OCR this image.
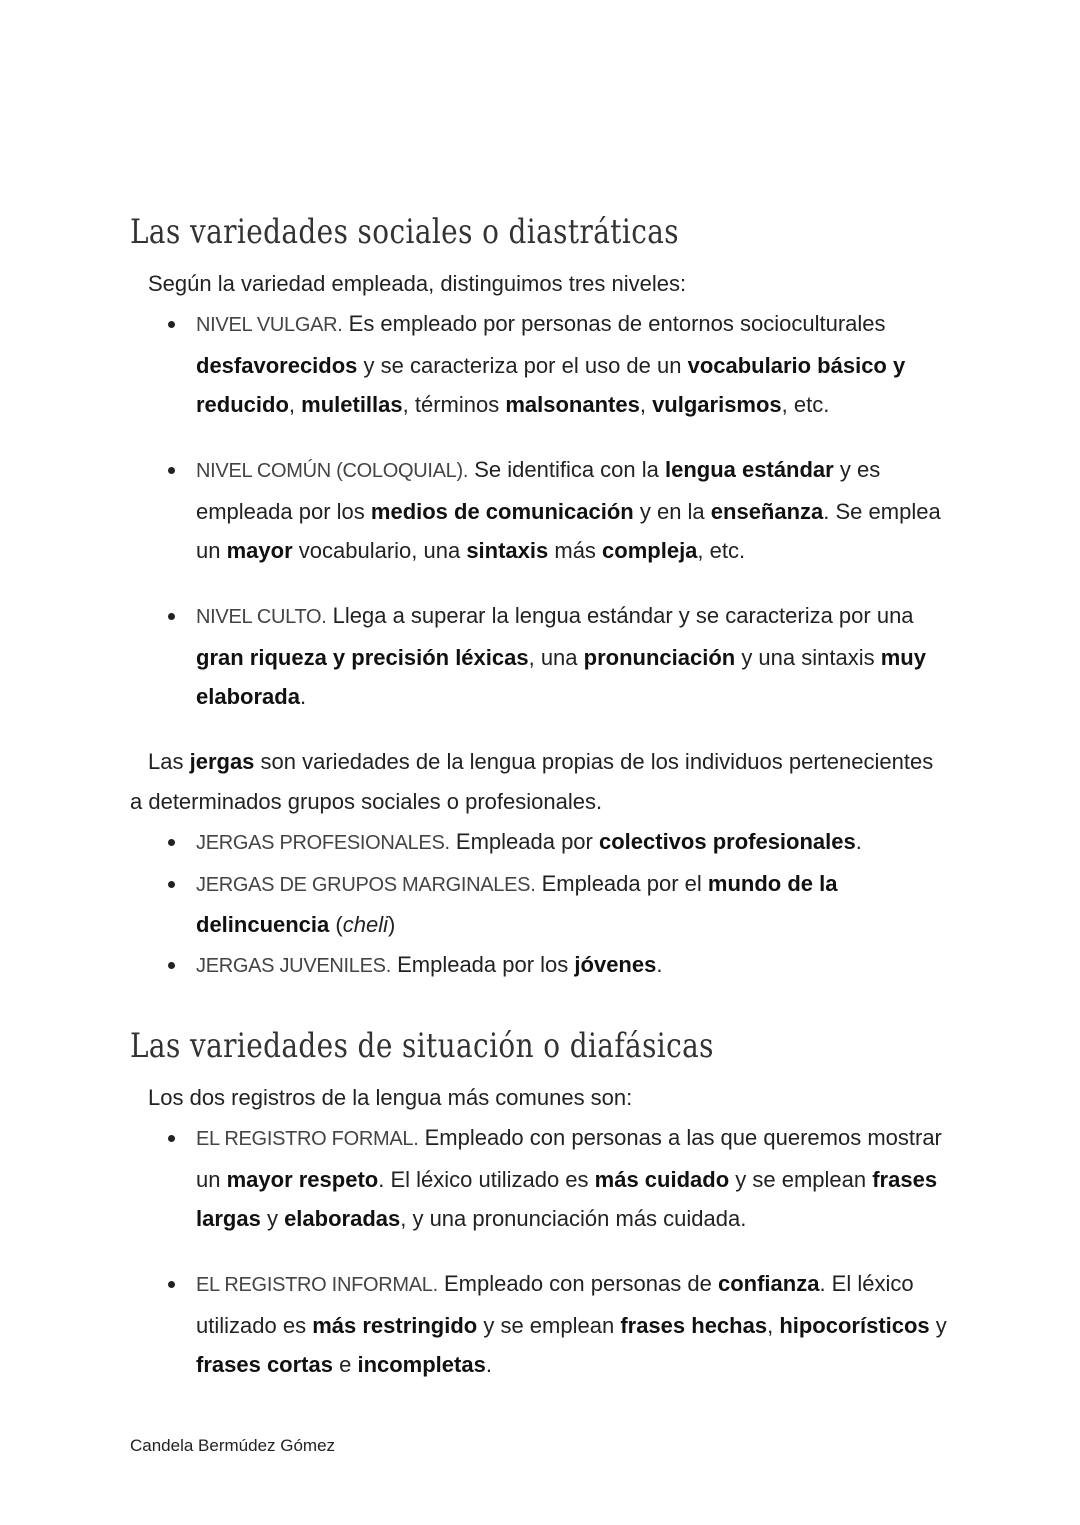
Las variedades sociales o diastráticas

Según la variedad empleada, distinguimos tres niveles:

NIVEL VULGAR. Es empleado por personas de entornos socioculturales desfavorecidos y se caracteriza por el uso de un vocabulario básico y reducido, muletillas, términos malsonantes, vulgarismos, etc.
NIVEL COMÚN (COLOQUIAL). Se identifica con la lengua estándar y es empleada por los medios de comunicación y en la enseñanza. Se emplea un mayor vocabulario, una sintaxis más compleja, etc.
NIVEL CULTO. Llega a superar la lengua estándar y se caracteriza por una gran riqueza y precisión léxicas, una pronunciación y una sintaxis muy elaborada.

Las jergas son variedades de la lengua propias de los individuos pertenecientes

a determinados grupos sociales o profesionales.

JERGAS PROFESIONALES. Empleada por colectivos profesionales.
JERGAS DE GRUPOS MARGINALES. Empleada por el mundo de la delincuencia (cheli)
JERGAS JUVENILES. Empleada por los jóvenes.
Las variedades de situación o diafásicas

Los dos registros de la lengua más comunes son:

EL REGISTRO FORMAL. Empleado con personas a las que queremos mostrar un mayor respeto. El léxico utilizado es más cuidado y se emplean frases largas y elaboradas, y una pronunciación más cuidada.
EL REGISTRO INFORMAL. Empleado con personas de confianza. El léxico utilizado es más restringido y se emplean frases hechas, hipocorísticos y frases cortas e incompletas.
Candela Bermúdez Gómez
